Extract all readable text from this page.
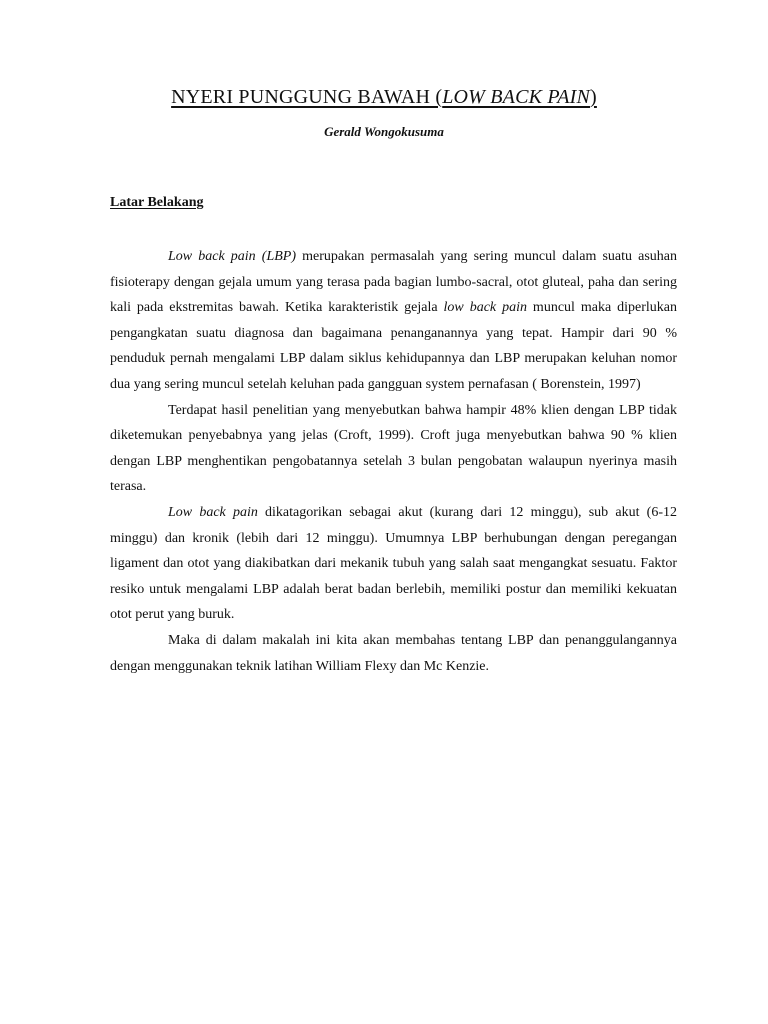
NYERI PUNGGUNG BAWAH (LOW BACK PAIN)
Gerald Wongokusuma
Latar Belakang

Low back pain (LBP) merupakan permasalah yang sering muncul dalam suatu asuhan fisioterapy dengan gejala umum yang terasa pada bagian lumbo-sacral, otot gluteal, paha dan sering kali pada ekstremitas bawah. Ketika karakteristik gejala low back pain muncul maka diperlukan pengangkatan suatu diagnosa dan bagaimana penanganannya yang tepat. Hampir dari 90 % penduduk pernah mengalami LBP dalam siklus kehidupannya dan LBP merupakan keluhan nomor dua yang sering muncul setelah keluhan pada gangguan system pernafasan ( Borenstein, 1997)

Terdapat hasil penelitian yang menyebutkan bahwa hampir 48% klien dengan LBP tidak diketemukan penyebabnya yang jelas (Croft, 1999). Croft juga menyebutkan bahwa 90 % klien dengan LBP menghentikan pengobatannya setelah 3 bulan pengobatan walaupun nyerinya masih terasa.

Low back pain dikatagorikan sebagai akut (kurang dari 12 minggu), sub akut (6-12 minggu) dan kronik (lebih dari 12 minggu). Umumnya LBP berhubungan dengan peregangan ligament dan otot yang diakibatkan dari mekanik tubuh yang salah saat mengangkat sesuatu. Faktor resiko untuk mengalami LBP adalah berat badan berlebih, memiliki postur dan memiliki kekuatan otot perut yang buruk.

Maka di dalam makalah ini kita akan membahas tentang LBP dan penanggulangannya dengan menggunakan teknik latihan William Flexy dan Mc Kenzie.
